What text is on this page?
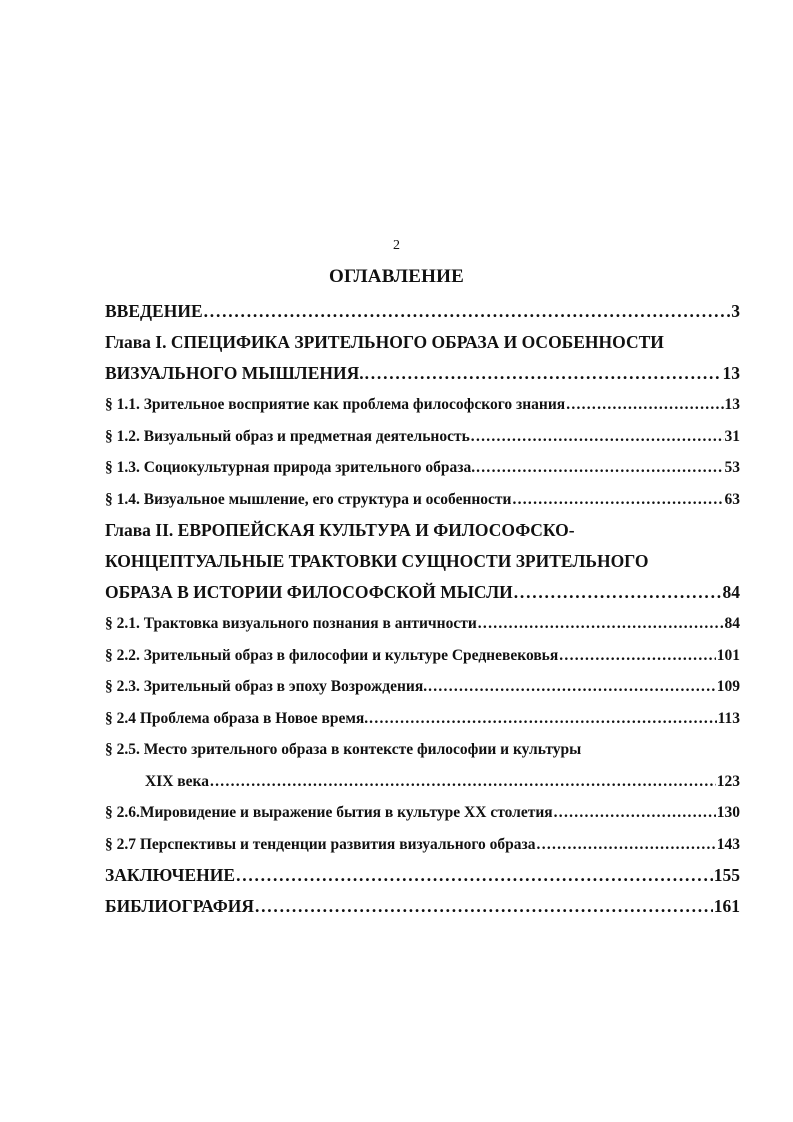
2
ОГЛАВЛЕНИЕ
ВВЕДЕНИЕ . . .	3
Глава I. СПЕЦИФИКА ЗРИТЕЛЬНОГО ОБРАЗА И ОСОБЕННОСТИ
ВИЗУАЛЬНОГО МЫШЛЕНИЯ. . . .	13
§ 1.1. Зрительное восприятие как проблема философского знания . . .	13
§ 1.2. Визуальный образ и предметная деятельность . . .	31
§ 1.3. Социокультурная природа зрительного образа. . . .	53
§ 1.4. Визуальное мышление, его структура и особенности . . .	63
Глава II. ЕВРОПЕЙСКАЯ КУЛЬТУРА И ФИЛОСОФСКО-
КОНЦЕПТУАЛЬНЫЕ ТРАКТОВКИ СУЩНОСТИ ЗРИТЕЛЬНОГО
ОБРАЗА В ИСТОРИИ ФИЛОСОФСКОЙ МЫСЛИ . . .	84
§ 2.1. Трактовка визуального познания в античности . . .	84
§ 2.2. Зрительный образ в философии и культуре Средневековья . . .	101
§ 2.3. Зрительный образ в эпоху Возрождения. . . .	109
§ 2.4 Проблема образа в Новое время. . . .	113
§ 2.5. Место зрительного образа в контексте философии и культуры
XIX века . . .	123
§ 2.6.Мировидение и выражение бытия в культуре XX столетия . . .	130
§ 2.7 Перспективы и тенденции развития визуального образа . . .	143
ЗАКЛЮЧЕНИЕ . . .	155
БИБЛИОГРАФИЯ . . .	161
